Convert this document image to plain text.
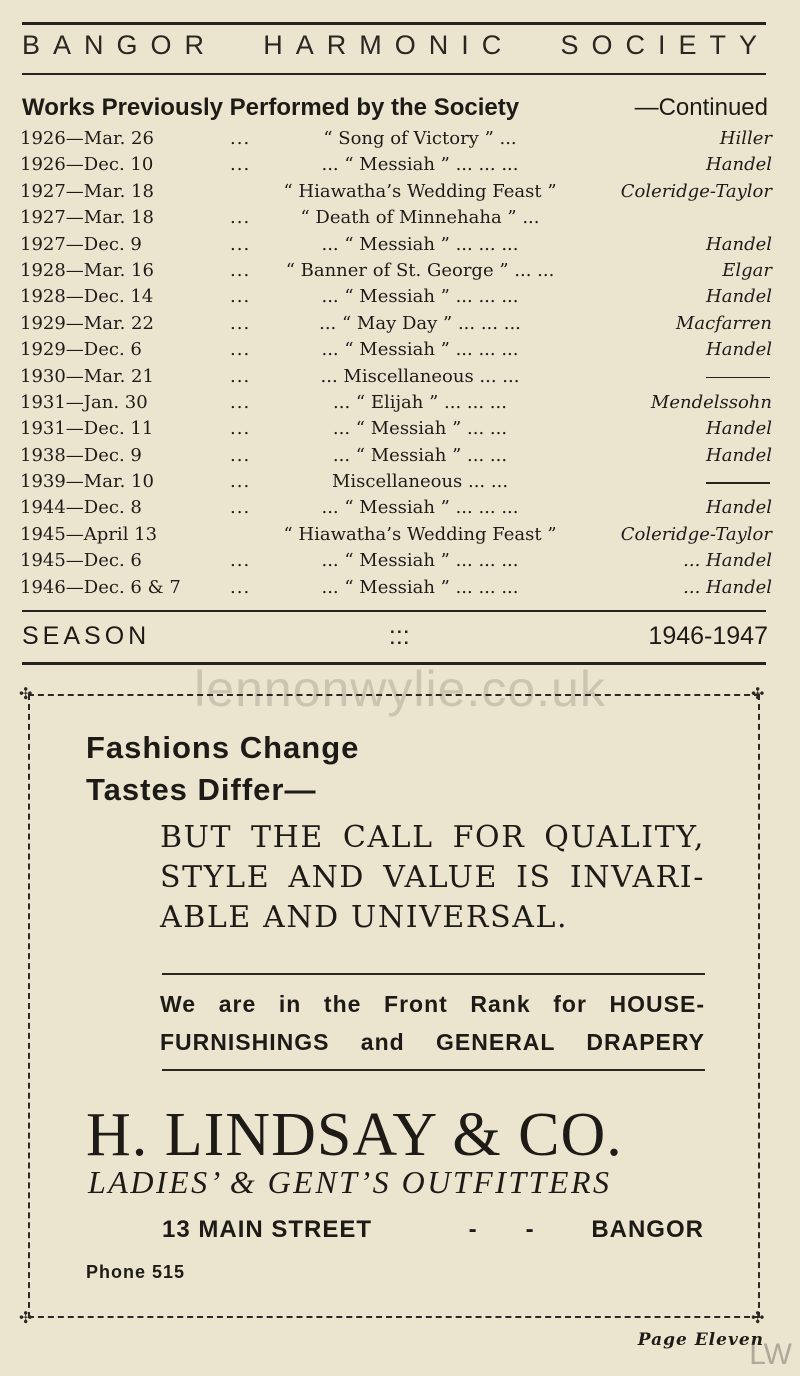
BANGOR HARMONIC SOCIETY
Works Previously Performed by the Society	—Continued
1926—Mar. 26	...	“ Song of Victory ” ...	Hiller
1926—Dec. 10	...	... “ Messiah ” ... ... ...	Handel
1927—Mar. 18	“ Hiawatha’s Wedding Feast ”	Coleridge-Taylor
1927—Mar. 18	...	“ Death of Minnehaha ” ...
1927—Dec. 9	...	... “ Messiah ” ... ... ...	Handel
1928—Mar. 16	...	“ Banner of St. George ” ... ...	Elgar
1928—Dec. 14	...	... “ Messiah ” ... ... ...	Handel
1929—Mar. 22	...	... “ May Day ” ... ... ...	Macfarren
1929—Dec. 6	...	... “ Messiah ” ... ... ...	Handel
1930—Mar. 21	...	... Miscellaneous ... ...
1931—Jan. 30	...	... “ Elijah ” ... ... ...	Mendelssohn
1931—Dec. 11	...	... “ Messiah ” ... ...	Handel
1938—Dec. 9	...	... “ Messiah ” ... ...	Handel
1939—Mar. 10	...	Miscellaneous ... ...
1944—Dec. 8	...	... “ Messiah ” ... ... ...	Handel
1945—April 13	“ Hiawatha’s Wedding Feast ”	Coleridge-Taylor
1945—Dec. 6	...	... “ Messiah ” ... ... ...	... Handel
1946—Dec. 6 & 7	...	... “ Messiah ” ... ... ...	... Handel
SEASON	:::	1946-1947
lennonwylie.co.uk
✣	✣
✣	✣
Fashions Change
Tastes Differ—
BUT THE CALL FOR QUALITY,
STYLE AND VALUE IS INVARI-
ABLE AND UNIVERSAL.
We are in the Front Rank for HOUSE-
FURNISHINGS and GENERAL DRAPERY
H. LINDSAY & CO.
LADIES’ & GENT’S OUTFITTERS
13 MAIN STREET	- - BANGOR
Phone 515
Page Eleven
LW
